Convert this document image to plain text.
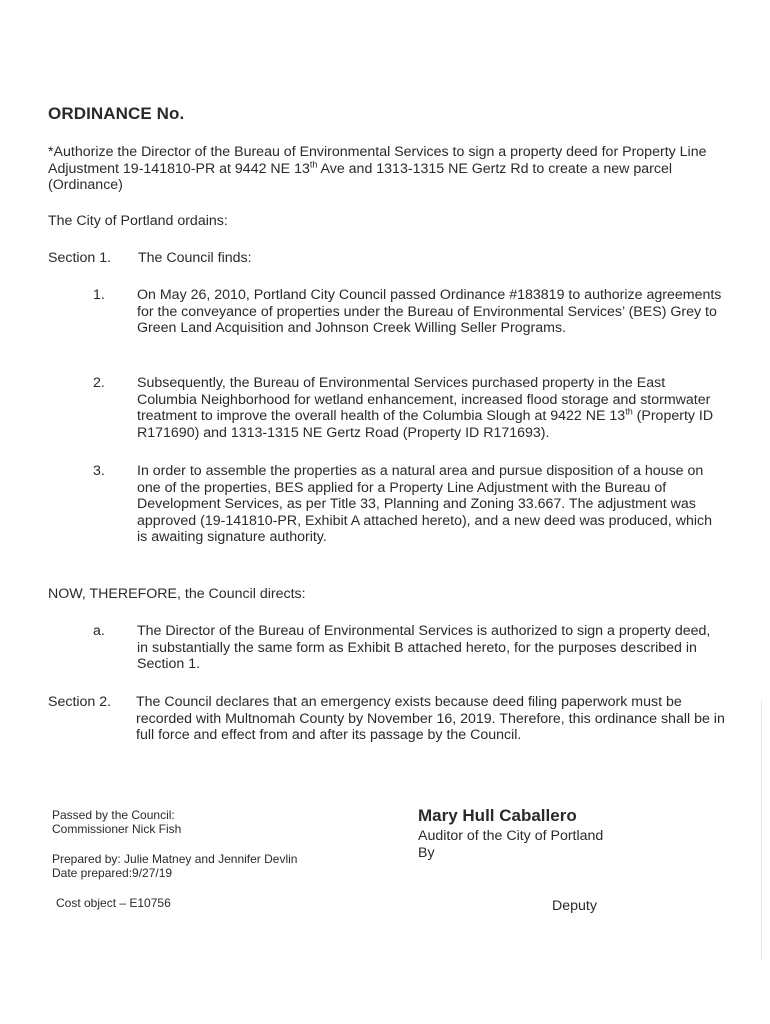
ORDINANCE No.
*Authorize the Director of the Bureau of Environmental Services to sign a property deed for Property Line Adjustment 19-141810-PR at 9442 NE 13th Ave and 1313-1315 NE Gertz Rd to create a new parcel (Ordinance)
The City of Portland ordains:
Section 1. The Council finds:
1.	On May 26, 2010, Portland City Council passed Ordinance #183819 to authorize agreements for the conveyance of properties under the Bureau of Environmental Services’ (BES) Grey to Green Land Acquisition and Johnson Creek Willing Seller Programs.
2.	Subsequently, the Bureau of Environmental Services purchased property in the East Columbia Neighborhood for wetland enhancement, increased flood storage and stormwater treatment to improve the overall health of the Columbia Slough at 9422 NE 13th (Property ID R171690) and 1313-1315 NE Gertz Road (Property ID R171693).
3.	In order to assemble the properties as a natural area and pursue disposition of a house on one of the properties, BES applied for a Property Line Adjustment with the Bureau of Development Services, as per Title 33, Planning and Zoning 33.667. The adjustment was approved (19-141810-PR, Exhibit A attached hereto), and a new deed was produced, which is awaiting signature authority.
NOW, THEREFORE, the Council directs:
a.	The Director of the Bureau of Environmental Services is authorized to sign a property deed, in substantially the same form as Exhibit B attached hereto, for the purposes described in Section 1.
Section 2. The Council declares that an emergency exists because deed filing paperwork must be recorded with Multnomah County by November 16, 2019. Therefore, this ordinance shall be in full force and effect from and after its passage by the Council.
Passed by the Council:
Commissioner Nick Fish
Prepared by: Julie Matney and Jennifer Devlin
Date prepared:9/27/19
Cost object – E10756
Mary Hull Caballero
Auditor of the City of Portland
By
Deputy
